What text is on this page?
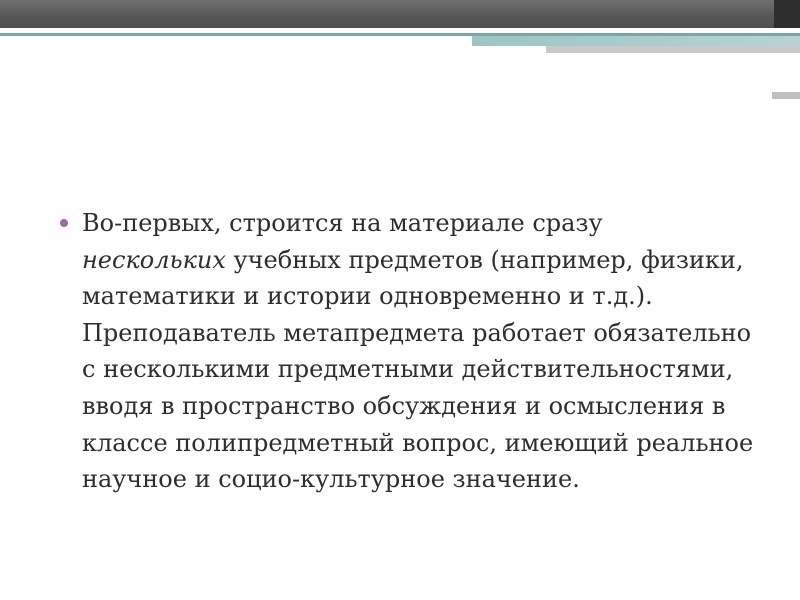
Во-первых, строится на материале сразу
нескольких учебных предметов (например, физики, математики и истории одновременно и т.д.). Преподаватель метапредмета работает обязательно с несколькими предметными действительностями, вводя в пространство обсуждения и осмысления в классе полипредметный вопрос, имеющий реальное научное и социо-культурное значение.
